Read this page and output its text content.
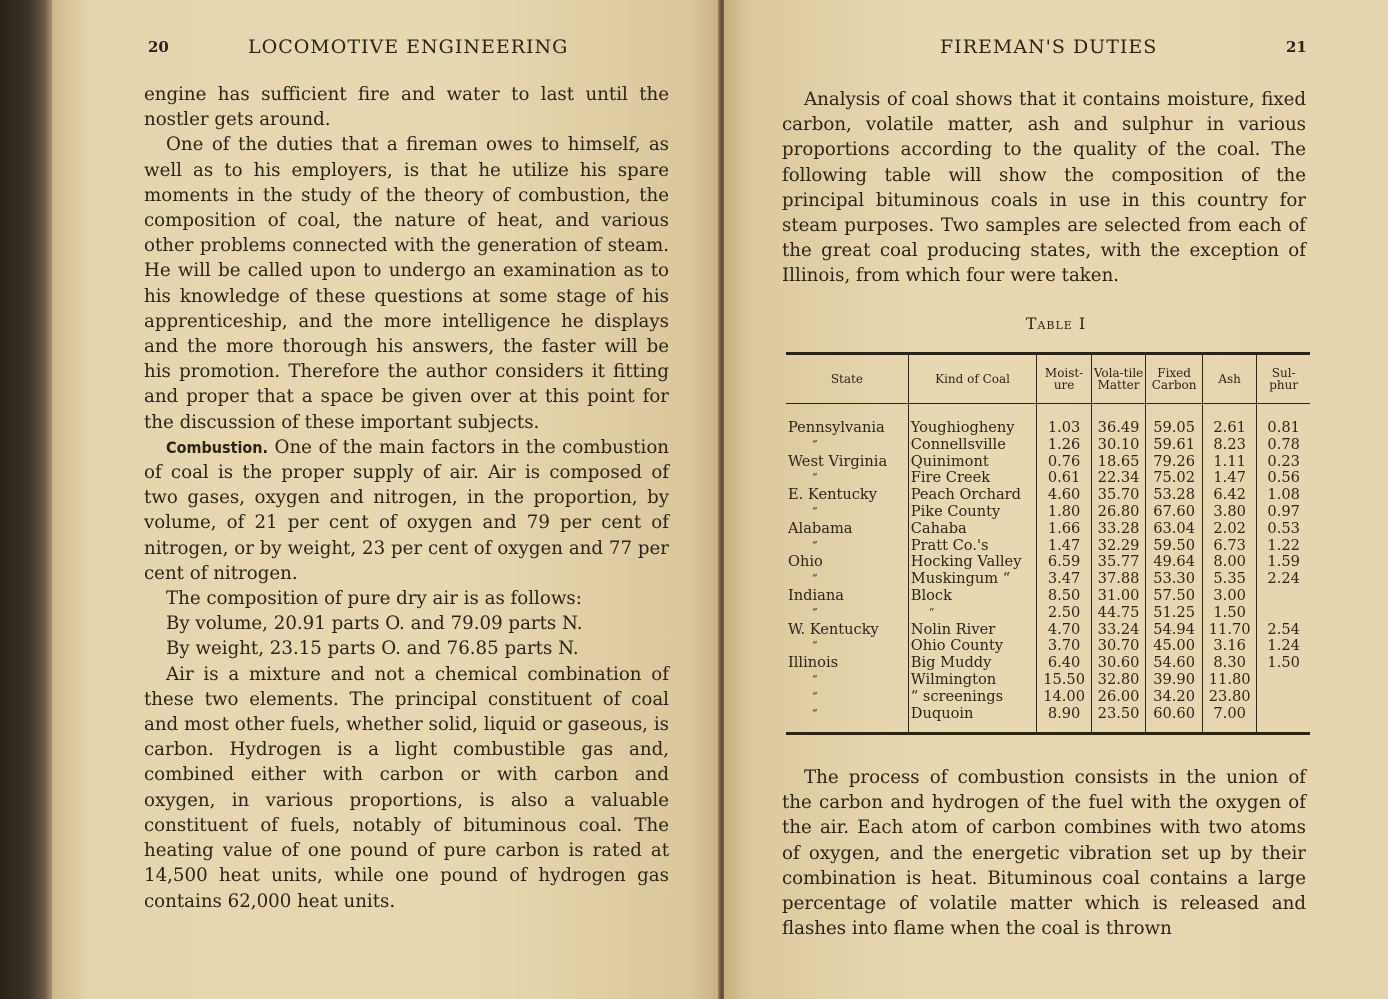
20	LOCOMOTIVE ENGINEERING

engine has sufficient fire and water to last until the nostler gets around.

One of the duties that a fireman owes to himself, as well as to his employers, is that he utilize his spare moments in the study of the theory of combustion, the composition of coal, the nature of heat, and various other problems connected with the generation of steam. He will be called upon to undergo an examination as to his knowledge of these questions at some stage of his apprenticeship, and the more intelligence he displays and the more thorough his answers, the faster will be his promotion. Therefore the author considers it fitting and proper that a space be given over at this point for the discussion of these important subjects.

Combustion. One of the main factors in the combustion of coal is the proper supply of air. Air is composed of two gases, oxygen and nitrogen, in the proportion, by volume, of 21 per cent of oxygen and 79 per cent of nitrogen, or by weight, 23 per cent of oxygen and 77 per cent of nitrogen.

The composition of pure dry air is as follows:

By volume, 20.91 parts O. and 79.09 parts N.

By weight, 23.15 parts O. and 76.85 parts N.

Air is a mixture and not a chemical combination of these two elements. The principal constituent of coal and most other fuels, whether solid, liquid or gaseous, is carbon. Hydrogen is a light combustible gas and, combined either with carbon or with carbon and oxygen, in various proportions, is also a valuable constituent of fuels, notably of bituminous coal. The heating value of one pound of pure carbon is rated at 14,500 heat units, while one pound of hydrogen gas contains 62,000 heat units.

FIREMAN'S DUTIES	21

Analysis of coal shows that it contains moisture, fixed carbon, volatile matter, ash and sulphur in various proportions according to the quality of the coal. The following table will show the composition of the principal bituminous coals in use in this country for steam purposes. Two samples are selected from each of the great coal producing states, with the exception of Illinois, from which four were taken.

Table I
State	Kind of Coal	Moist-ure	Vola-tile Matter	Fixed Carbon	Ash	Sul-phur
Pennsylvania	Youghiogheny	1.03	36.49	59.05	2.61	0.81
“	Connellsville	1.26	30.10	59.61	8.23	0.78
West Virginia	Quinimont	0.76	18.65	79.26	1.11	0.23
“	Fire Creek	0.61	22.34	75.02	1.47	0.56
E. Kentucky	Peach Orchard	4.60	35.70	53.28	6.42	1.08
“	Pike County	1.80	26.80	67.60	3.80	0.97
Alabama	Cahaba	1.66	33.28	63.04	2.02	0.53
“	Pratt Co.'s	1.47	32.29	59.50	6.73	1.22
Ohio	Hocking Valley	6.59	35.77	49.64	8.00	1.59
“	Muskingum “	3.47	37.88	53.30	5.35	2.24
Indiana	Block	8.50	31.00	57.50	3.00	
“	“	2.50	44.75	51.25	1.50	
W. Kentucky	Nolin River	4.70	33.24	54.94	11.70	2.54
“	Ohio County	3.70	30.70	45.00	3.16	1.24
Illinois	Big Muddy	6.40	30.60	54.60	8.30	1.50
“	Wilmington	15.50	32.80	39.90	11.80	
“	“ screenings	14.00	26.00	34.20	23.80	
“	Duquoin	8.90	23.50	60.60	7.00	

The process of combustion consists in the union of the carbon and hydrogen of the fuel with the oxygen of the air. Each atom of carbon combines with two atoms of oxygen, and the energetic vibration set up by their combination is heat. Bituminous coal contains a large percentage of volatile matter which is released and flashes into flame when the coal is thrown
